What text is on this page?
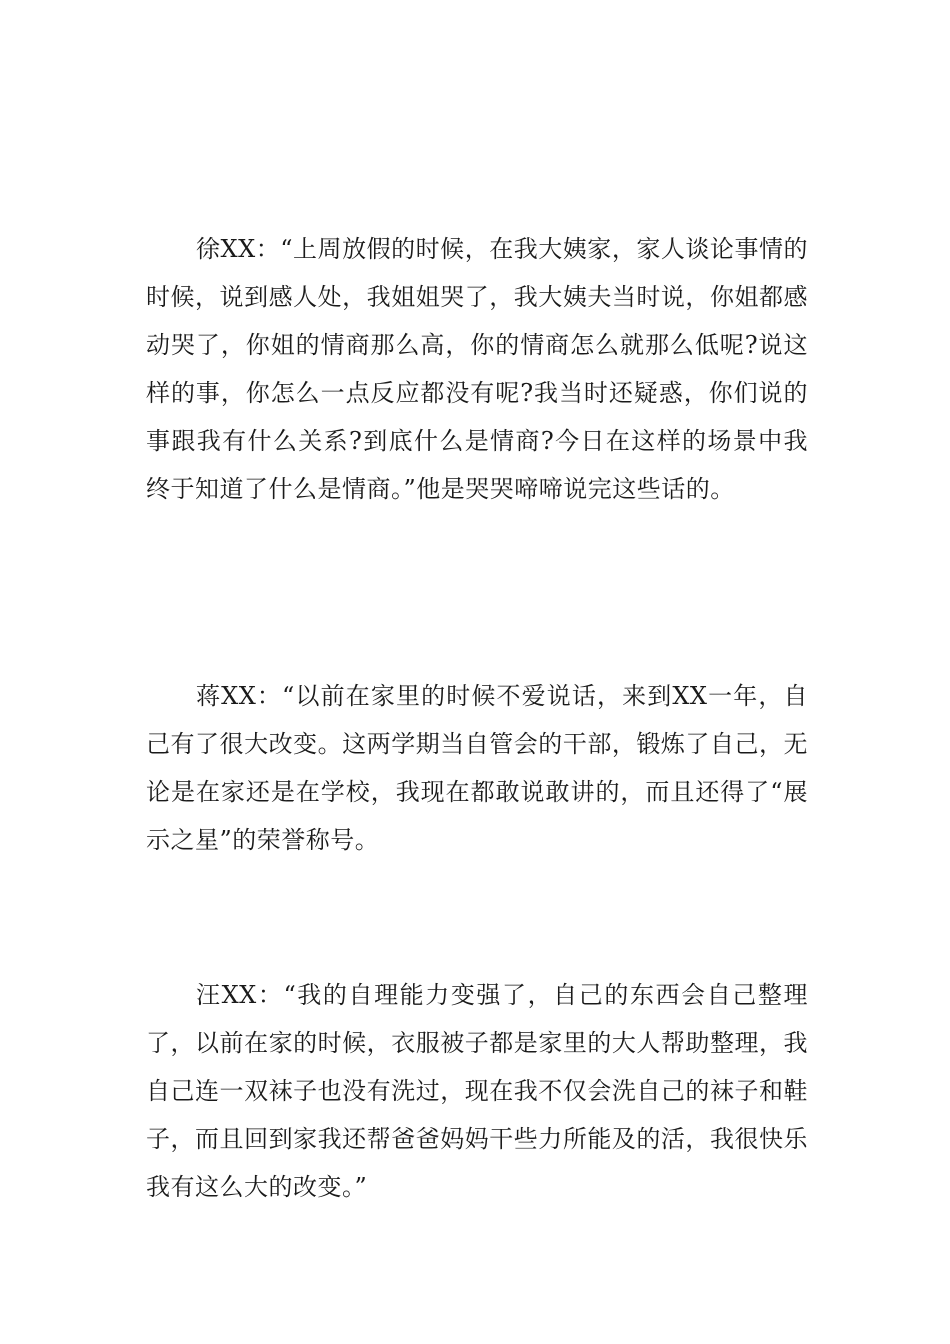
徐XX：“上周放假的时候，在我大姨家，家人谈论事情的时候，说到感人处，我姐姐哭了，我大姨夫当时说，你姐都感动哭了，你姐的情商那么高，你的情商怎么就那么低呢?说这样的事，你怎么一点反应都没有呢?我当时还疑惑，你们说的事跟我有什么关系?到底什么是情商?今日在这样的场景中我终于知道了什么是情商。”他是哭哭啼啼说完这些话的。

蒋XX：“以前在家里的时候不爱说话，来到XX一年，自己有了很大改变。这两学期当自管会的干部，锻炼了自己，无论是在家还是在学校，我现在都敢说敢讲的，而且还得了“展示之星”的荣誉称号。

汪XX：“我的自理能力变强了，自己的东西会自己整理了，以前在家的时候，衣服被子都是家里的大人帮助整理，我自己连一双袜子也没有洗过，现在我不仅会洗自己的袜子和鞋子，而且回到家我还帮爸爸妈妈干些力所能及的活，我很快乐我有这么大的改变。”
